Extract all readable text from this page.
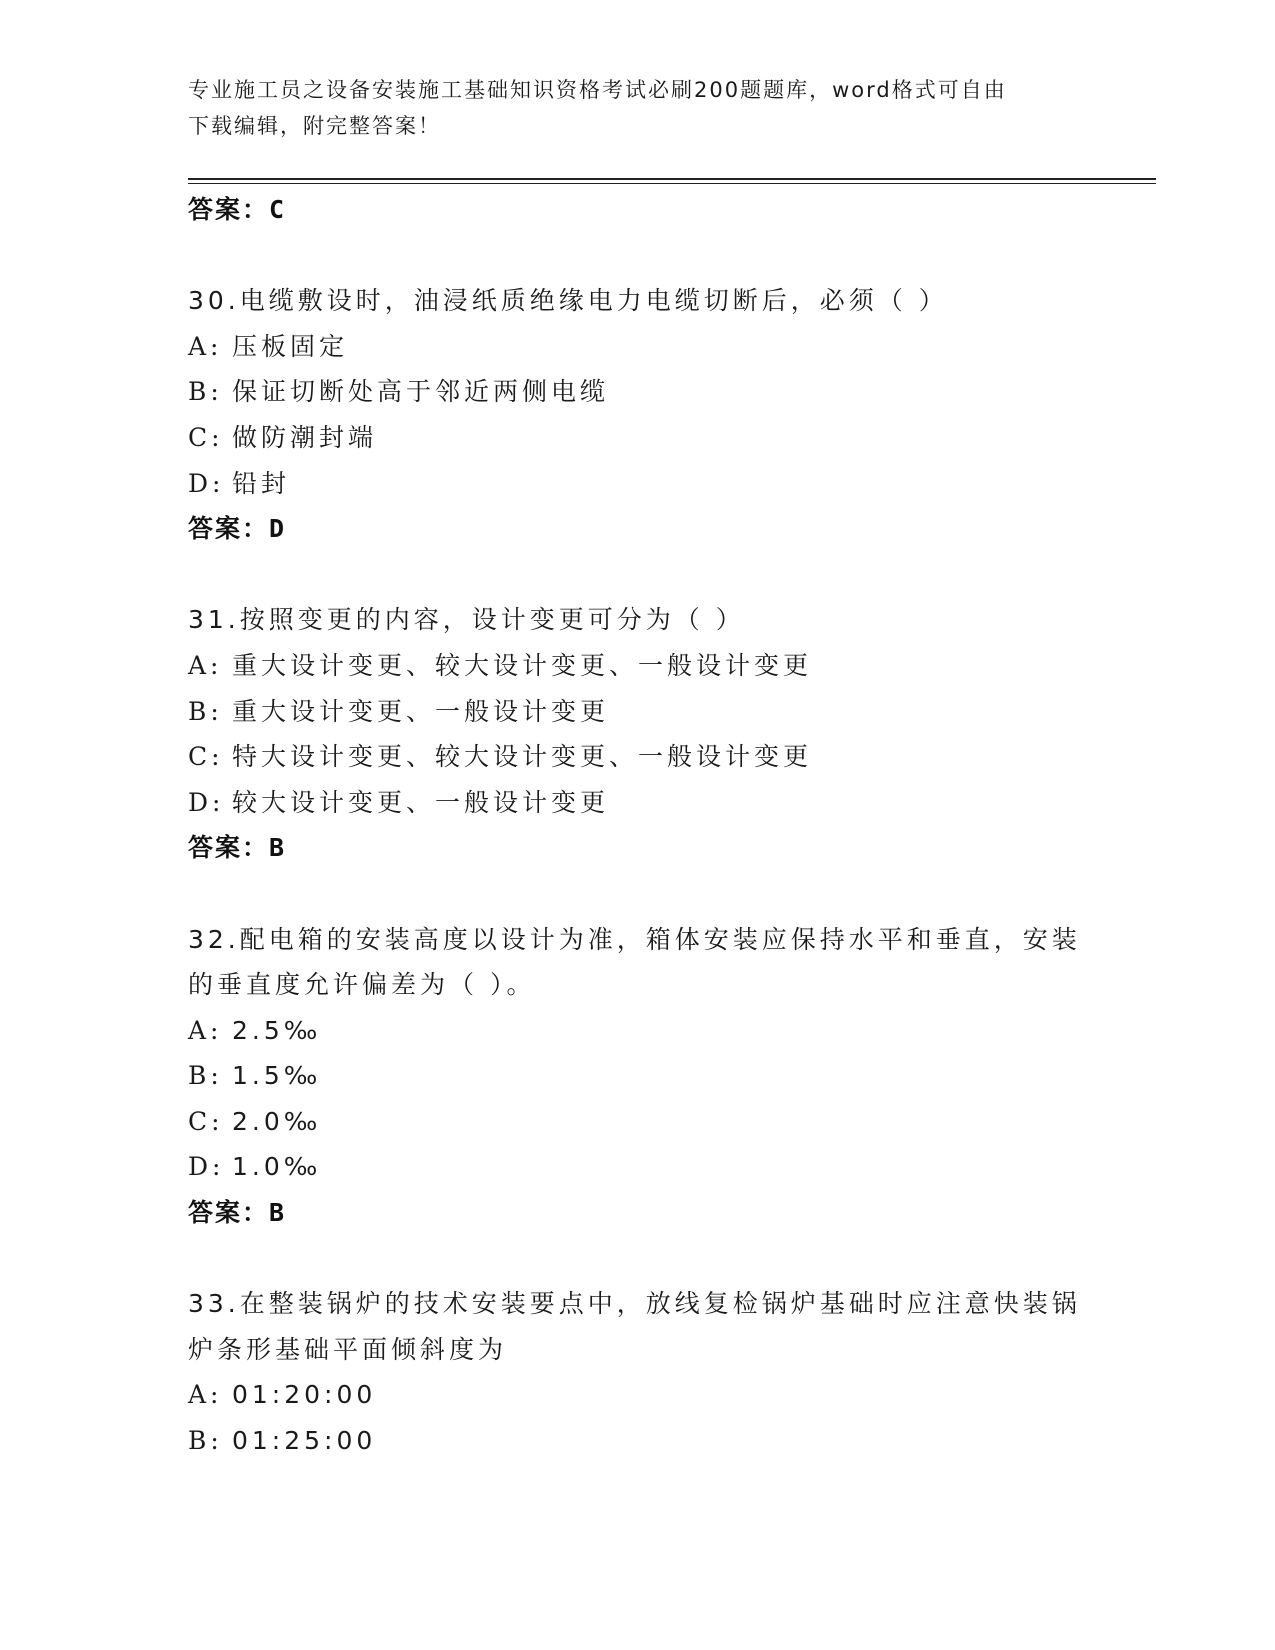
专业施工员之设备安装施工基础知识资格考试必刷200题题库，word格式可自由
下载编辑，附完整答案！
答案：C
30.电缆敷设时，油浸纸质绝缘电力电缆切断后，必须（ ）
A: 压板固定
B: 保证切断处高于邻近两侧电缆
C: 做防潮封端
D: 铅封
答案：D
31.按照变更的内容，设计变更可分为（ ）
A: 重大设计变更、较大设计变更、一般设计变更
B: 重大设计变更、一般设计变更
C: 特大设计变更、较大设计变更、一般设计变更
D: 较大设计变更、一般设计变更
答案：B
32.配电箱的安装高度以设计为准，箱体安装应保持水平和垂直，安装
的垂直度允许偏差为（ ）。
A: 2.5‰
B: 1.5‰
C: 2.0‰
D: 1.0‰
答案：B
33.在整装锅炉的技术安装要点中，放线复检锅炉基础时应注意快装锅
炉条形基础平面倾斜度为
A: 01:20:00
B: 01:25:00
